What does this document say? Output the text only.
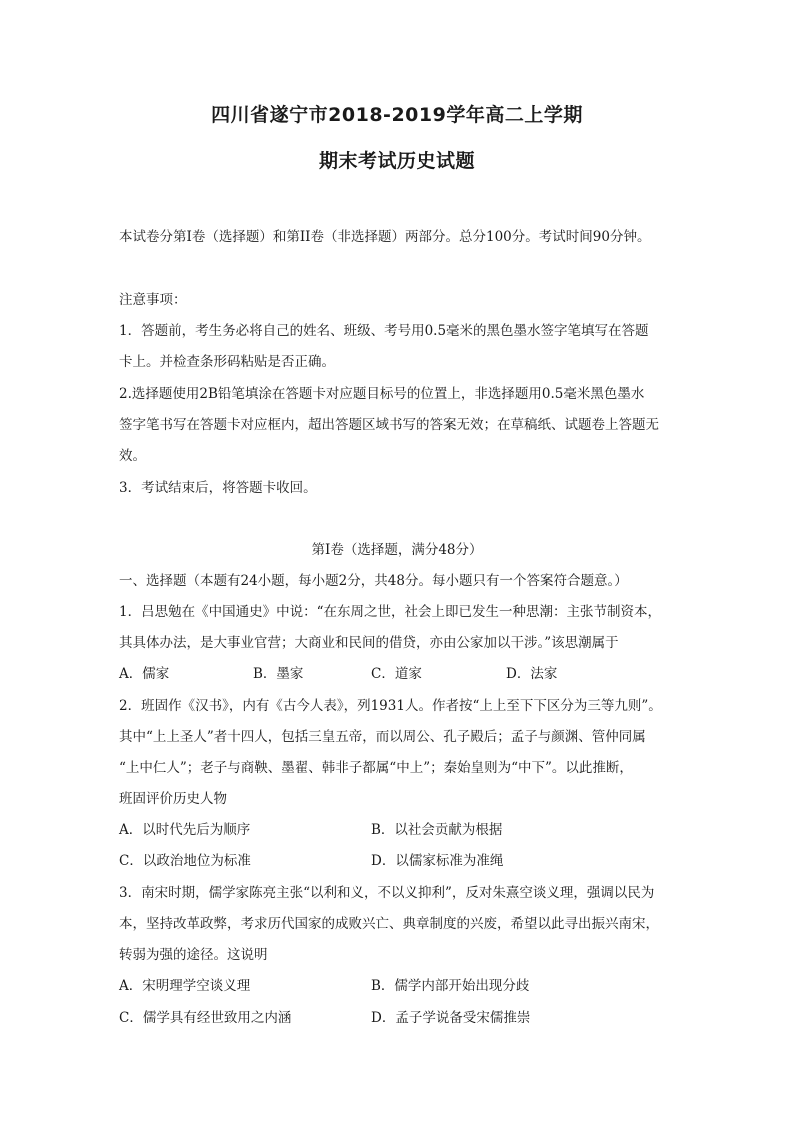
四川省遂宁市2018-2019学年高二上学期
期末考试历史试题
本试卷分第Ⅰ卷（选择题）和第II卷（非选择题）两部分。总分100分。考试时间90分钟。
注意事项：
1．答题前，考生务必将自己的姓名、班级、考号用0.5毫米的黑色墨水签字笔填写在答题
卡上。并检查条形码粘贴是否正确。
2.选择题使用2B铅笔填涂在答题卡对应题目标号的位置上，非选择题用0.5毫米黑色墨水
签字笔书写在答题卡对应框内，超出答题区域书写的答案无效；在草稿纸、试题卷上答题无
效。
3．考试结束后，将答题卡收回。
第Ⅰ卷（选择题，满分48分）
一、选择题（本题有24小题，每小题2分，共48分。每小题只有一个答案符合题意。）
1．吕思勉在《中国通史》中说：“在东周之世，社会上即已发生一种思潮：主张节制资本，
其具体办法，是大事业官营；大商业和民间的借贷，亦由公家加以干涉。”该思潮属于
A．儒家	B．墨家	C．道家	D．法家
2．班固作《汉书》，内有《古今人表》，列1931人。作者按“上上至下下区分为三等九则”。
其中“上上圣人”者十四人，包括三皇五帝，而以周公、孔子殿后；孟子与颜渊、管仲同属
“上中仁人”；老子与商鞅、墨翟、韩非子都属“中上”；秦始皇则为“中下”。以此推断，
班固评价历史人物
A．以时代先后为顺序	B．以社会贡献为根据
C．以政治地位为标准	D．以儒家标准为准绳
3．南宋时期，儒学家陈亮主张“以利和义，不以义抑利”，反对朱熹空谈义理，强调以民为
本，坚持改革政弊，考求历代国家的成败兴亡、典章制度的兴废，希望以此寻出振兴南宋，
转弱为强的途径。这说明
A．宋明理学空谈义理	B．儒学内部开始出现分歧
C．儒学具有经世致用之内涵	D．孟子学说备受宋儒推崇
